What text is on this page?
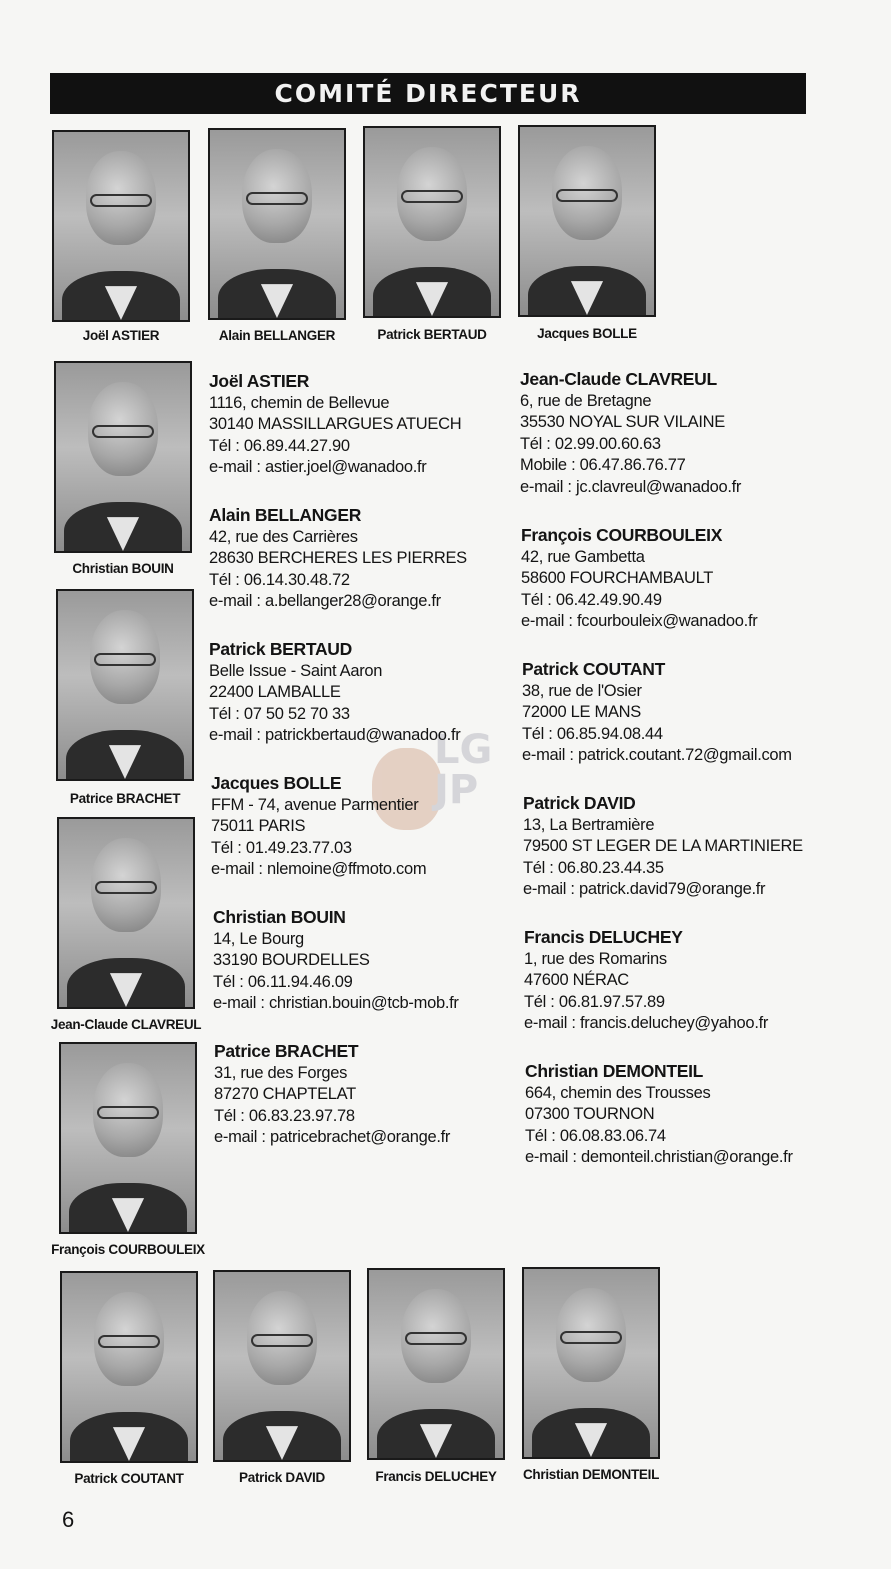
COMITÉ DIRECTEUR
Joël ASTIER	Alain BELLANGER	Patrick BERTAUD	Jacques BOLLE
Christian BOUIN
Patrice BRACHET
Jean-Claude CLAVREUL
François COURBOULEIX
Patrick COUTANT	Patrick DAVID	Francis DELUCHEY	Christian DEMONTEIL
LG JP
Joël ASTIER
1116, chemin de Bellevue
30140 MASSILLARGUES ATUECH
Tél : 06.89.44.27.90
e-mail : astier.joel@wanadoo.fr
Alain BELLANGER
42, rue des Carrières
28630 BERCHERES LES PIERRES
Tél : 06.14.30.48.72
e-mail : a.bellanger28@orange.fr
Patrick BERTAUD
Belle Issue - Saint Aaron
22400 LAMBALLE
Tél : 07 50 52 70 33
e-mail : patrickbertaud@wanadoo.fr
Jacques BOLLE
FFM - 74, avenue Parmentier
75011 PARIS
Tél : 01.49.23.77.03
e-mail : nlemoine@ffmoto.com
Christian BOUIN
14, Le Bourg
33190 BOURDELLES
Tél : 06.11.94.46.09
e-mail : christian.bouin@tcb-mob.fr
Patrice BRACHET
31, rue des Forges
87270 CHAPTELAT
Tél : 06.83.23.97.78
e-mail : patricebrachet@orange.fr
Jean-Claude CLAVREUL
6, rue de Bretagne
35530 NOYAL SUR VILAINE
Tél : 02.99.00.60.63
Mobile : 06.47.86.76.77
e-mail : jc.clavreul@wanadoo.fr
François COURBOULEIX
42, rue Gambetta
58600 FOURCHAMBAULT
Tél : 06.42.49.90.49
e-mail : fcourbouleix@wanadoo.fr
Patrick COUTANT
38, rue de l'Osier
72000 LE MANS
Tél : 06.85.94.08.44
e-mail : patrick.coutant.72@gmail.com
Patrick DAVID
13, La Bertramière
79500 ST LEGER DE LA MARTINIERE
Tél : 06.80.23.44.35
e-mail : patrick.david79@orange.fr
Francis DELUCHEY
1, rue des Romarins
47600 NÉRAC
Tél : 06.81.97.57.89
e-mail : francis.deluchey@yahoo.fr
Christian DEMONTEIL
664, chemin des Trousses
07300 TOURNON
Tél : 06.08.83.06.74
e-mail : demonteil.christian@orange.fr
6
